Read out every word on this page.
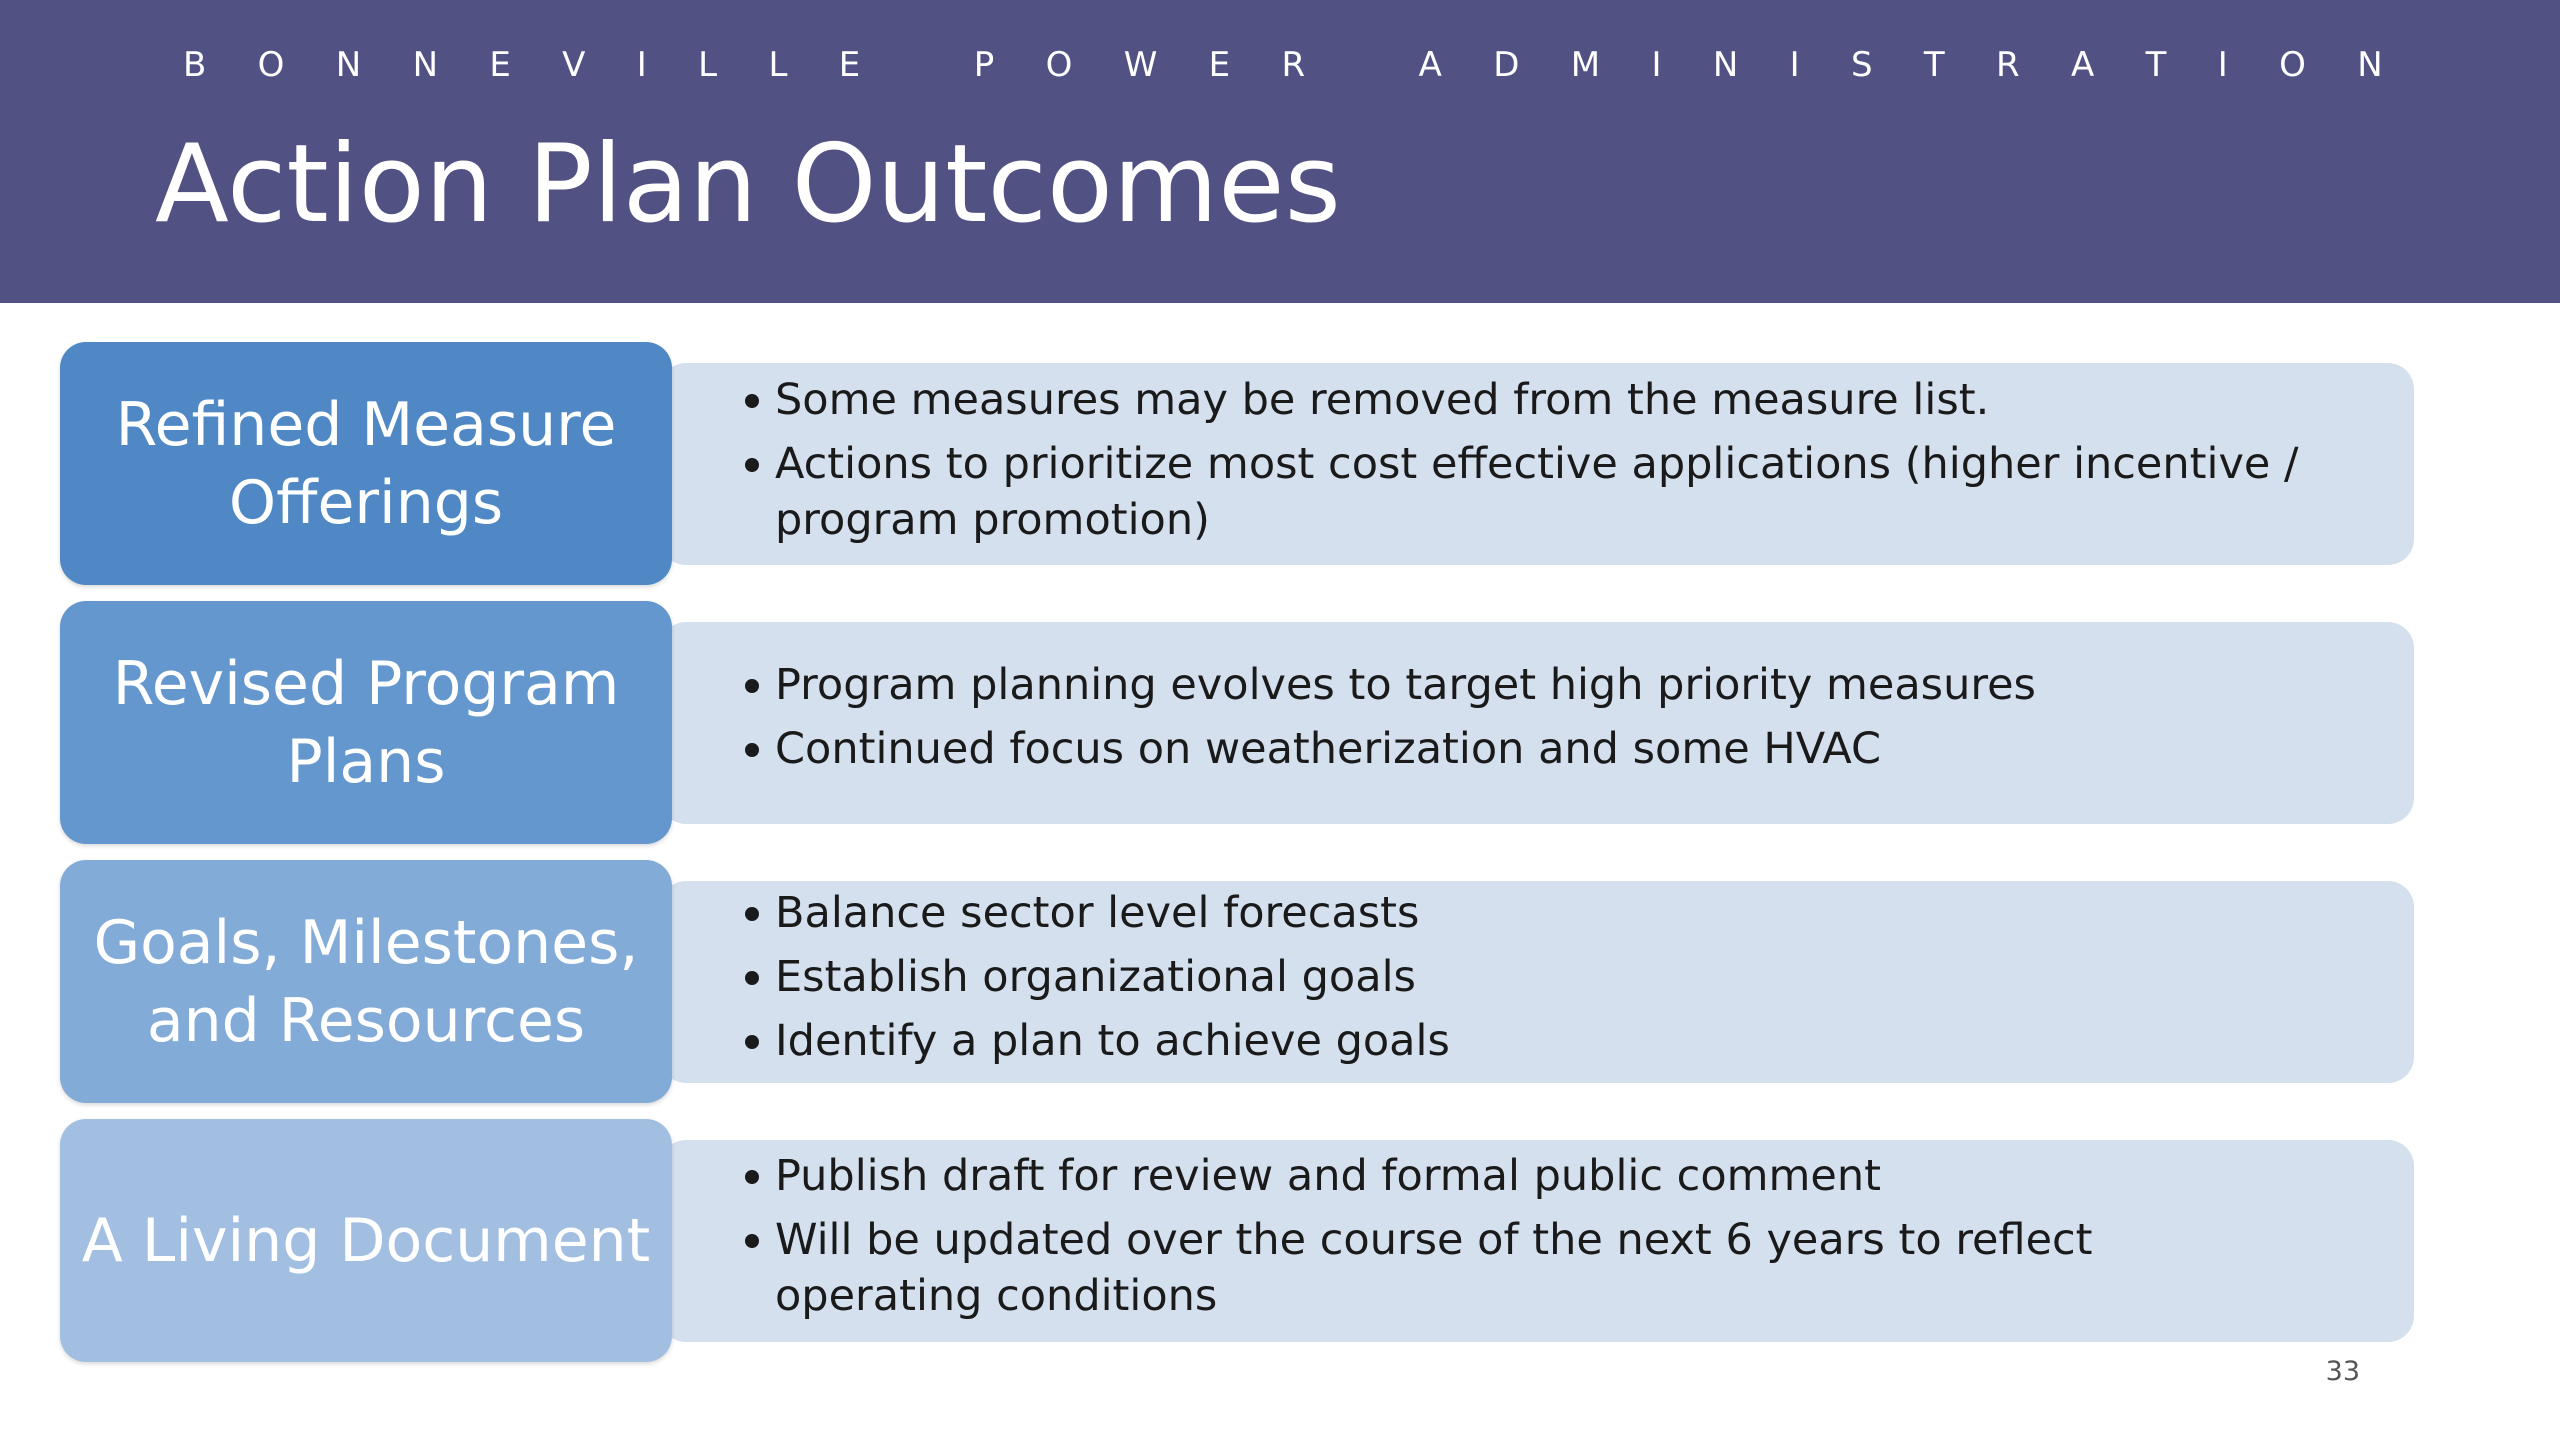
B O N N E V I L L E
	P O W E R
	A D M I N I S T R A T I O N
Action Plan Outcomes
Refined Measure Offerings
Some measures may be removed from the measure list.
Actions to prioritize most cost effective applications (higher incentive / program promotion)
Revised Program Plans
Program planning evolves to target high priority measures
Continued focus on weatherization and some HVAC
Goals, Milestones, and Resources
Balance sector level forecasts
Establish organizational goals
Identify a plan to achieve goals
A Living Document
Publish draft for review and formal public comment
Will be updated over the course of the next 6 years to reflect operating conditions
33
